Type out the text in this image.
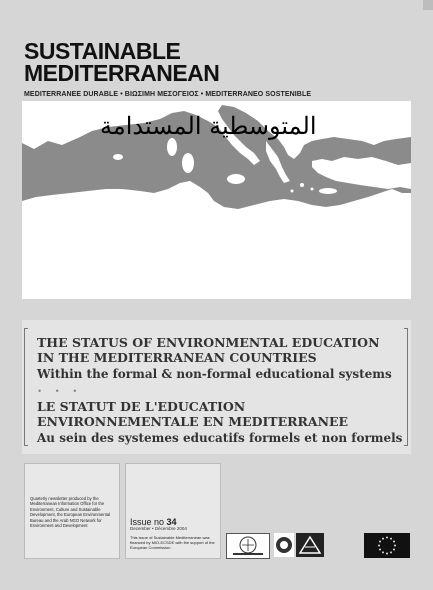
SUSTAINABLE
MEDITERRANEAN
MEDITERRANEE DURABLE • ΒΙΩΣΙΜΗ ΜΕΣΟΓΕΙΟΣ • MEDITERRANEO SOSTENIBLE
المتوسطية المستدامة
THE STATUS OF ENVIRONMENTAL EDUCATION
IN THE MEDITERRANEAN COUNTRIES
Within the formal & non-formal educational systems
• • •
LE STATUT DE L'EDUCATION
ENVIRONNEMENTALE EN MEDITERRANEE
Au sein des systemes educatifs formels et non formels
Quarterly newsletter produced by the Mediterranean Information Office for the Environment, Culture and Sustainable Development, the European Environmental Bureau and the Arab NGO Network for Environment and Development	Issue no 34
December • Décembre 2004
This issue of Sustainable Mediterranean was financed by MIO-ECSDE with the support of the European Commission
